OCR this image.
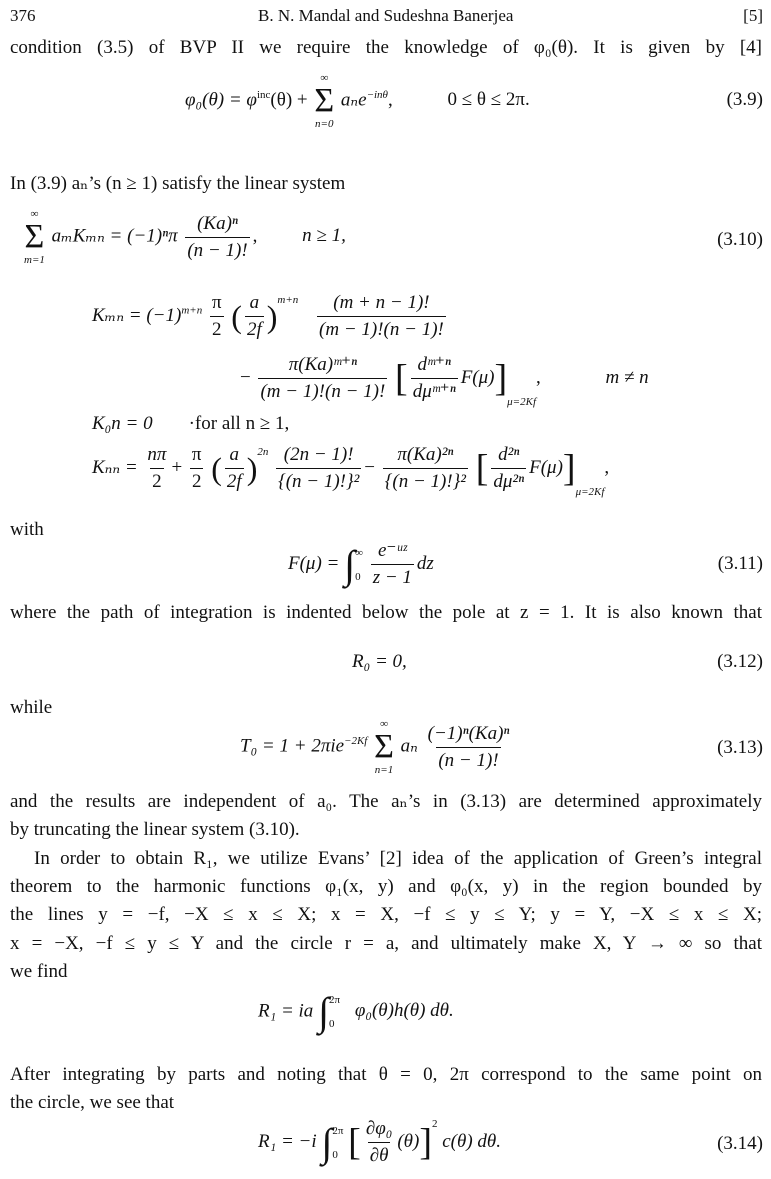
376	B. N. Mandal and Sudeshna Banerjea	[5]
condition (3.5) of BVP II we require the knowledge of φ₀(θ). It is given by [4]
$\varphi_0(\theta) = \varphi^{inc}(\theta)$ +
∞
Σ
n=0
aₙe$^{-in\theta}$,	0 ≤ θ ≤ 2π.	(3.9)
In (3.9) aₙ’s (n ≥ 1) satisfy the linear system
∞
Σ
m=1
$a_mK_{mn} = (-1)^n\pi \frac{\text{(Ka)ⁿ}}{(n - 1)!}$ , n ≥ 1,	(3.10)
$K_{mn} = (-1)^{m+n} \frac{\pi}{2}$ ( $\frac{a}{2f} )^{m+n} \frac{(m + n - 1)!}{(m - 1)!(n - 1)!}$
− $\frac{\text{π(Ka)ᵐ⁺ⁿ}}{(m - 1)!(n - 1)!}$ [ $\frac{\text{dᵐ⁺ⁿ}}{\text{dμᵐ⁺ⁿ}} F(\mu)]_{\mu=2Kf}$,	m ≠ n
K₀n = 0 ·for all n ≥ 1,
$K_{nn} = \frac{n\pi}{2} + \frac{\pi}{2}$ ( $\frac{a}{2f} )^{2n} \frac{(2n - 1)!}{\text{\{(n − 1)!\}²}} - \frac{\text{π(Ka)²ⁿ}}{\text{\{(n − 1)!\}²}}$ [ $\frac{\text{d²ⁿ}}{\text{dμ²ⁿ}} F(\mu)]_{\mu=2Kf}$,
with
F(μ) = ∫ ∞
0
$\frac{\text{e⁻ᵘᶻ}}{z - 1}$ dz	(3.11)
where the path of integration is indented below the pole at z = 1. It is also known that
R₀ = 0,	(3.12)
while
T₀ = 1 + 2πie$^{-2Kf}$
∞
Σ
n=1
aₙ $\frac{\text{(−1)ⁿ(Ka)ⁿ}}{(n - 1)!}$	(3.13)
and the results are independent of a₀. The aₙ’s in (3.13) are determined approximately
by truncating the linear system (3.10).
In order to obtain R₁, we utilize Evans’ [2] idea of the application of Green’s integral
theorem to the harmonic functions φ₁(x, y) and φ₀(x, y) in the region bounded by
the lines y = −f, −X ≤ x ≤ X; x = X, −f ≤ y ≤ Y; y = Y, −X ≤ x ≤ X;
x = −X, −f ≤ y ≤ Y and the circle r = a, and ultimately make X, Y → ∞ so that
we find
R₁ = ia ∫ 2π
0
φ₀(θ)h(θ) dθ.
After integrating by parts and noting that θ = 0, 2π correspond to the same point on
the circle, we see that
R₁ = −i ∫ 2π
0 [ $\frac{\text{∂φ₀}}{\partial\theta} (\theta)]^2$ c(θ) dθ.	(3.14)
